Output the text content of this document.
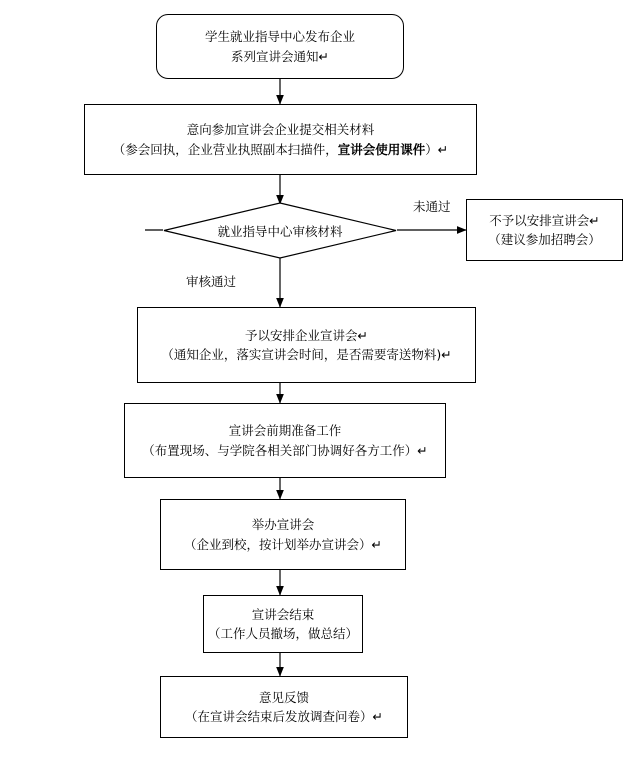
学生就业指导中心发布企业
系列宣讲会通知↵
意向参加宣讲会企业提交相关材料
（参会回执，企业营业执照副本扫描件，宣讲会使用课件）↵
就业指导中心审核材料
不予以安排宣讲会↵
（建议参加招聘会）
予以安排企业宣讲会↵
（通知企业，落实宣讲会时间，是否需要寄送物料)↵
宣讲会前期准备工作
（布置现场、与学院各相关部门协调好各方工作）↵
举办宣讲会
（企业到校，按计划举办宣讲会）↵
宣讲会结束
（工作人员撤场，做总结）
意见反馈
（在宣讲会结束后发放调查问卷）↵
未通过
审核通过
